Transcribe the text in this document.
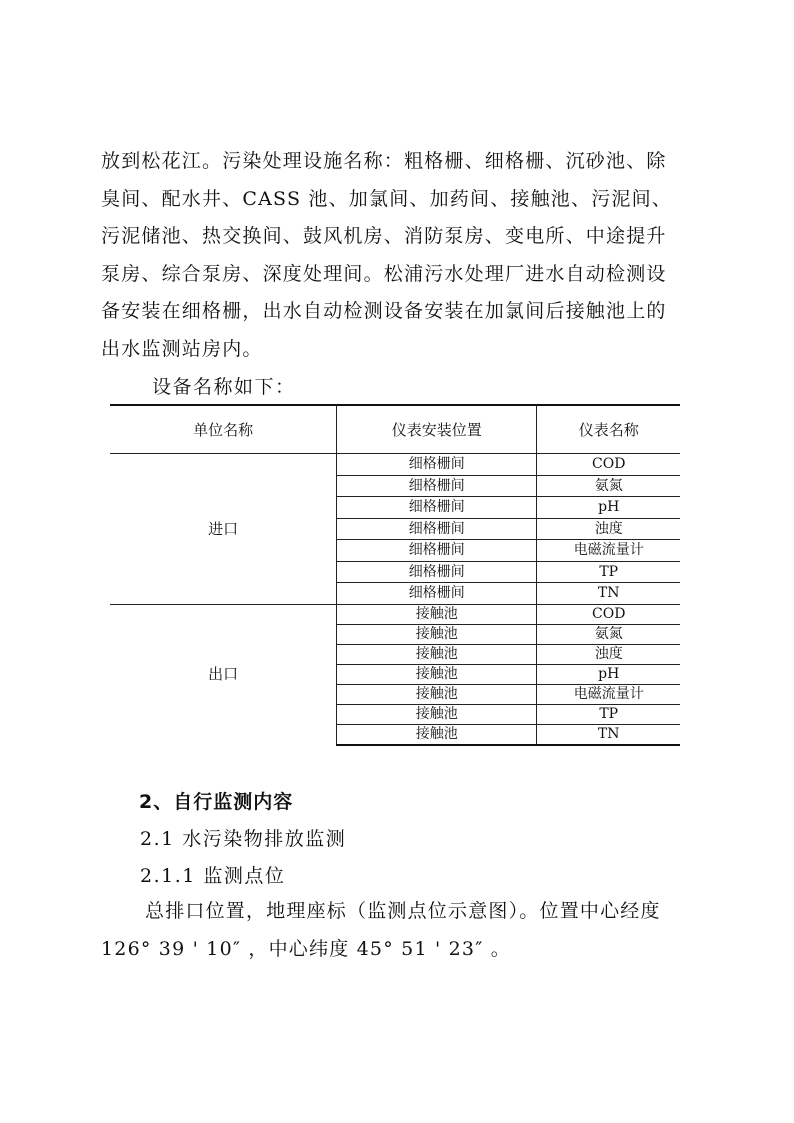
放到松花江。污染处理设施名称：粗格栅、细格栅、沉砂池、除
臭间、配水井、CASS 池、加氯间、加药间、接触池、污泥间、
污泥储池、热交换间、鼓风机房、消防泵房、变电所、中途提升
泵房、综合泵房、深度处理间。松浦污水处理厂进水自动检测设
备安装在细格栅，出水自动检测设备安装在加氯间后接触池上的
出水监测站房内。
设备名称如下：
单位名称	仪表安装位置	仪表名称
进口	细格栅间	COD
	细格栅间	氨氮
	细格栅间	pH
	细格栅间	浊度
	细格栅间	电磁流量计
	细格栅间	TP
	细格栅间	TN
出口	接触池	COD
	接触池	氨氮
	接触池	浊度
	接触池	pH
	接触池	电磁流量计
	接触池	TP
	接触池	TN
2、自行监测内容
2.1 水污染物排放监测
2.1.1 监测点位
总排口位置，地理座标（监测点位示意图）。位置中心经度
126° 39 ' 10″ ，中心纬度 45° 51 ' 23″ 。
